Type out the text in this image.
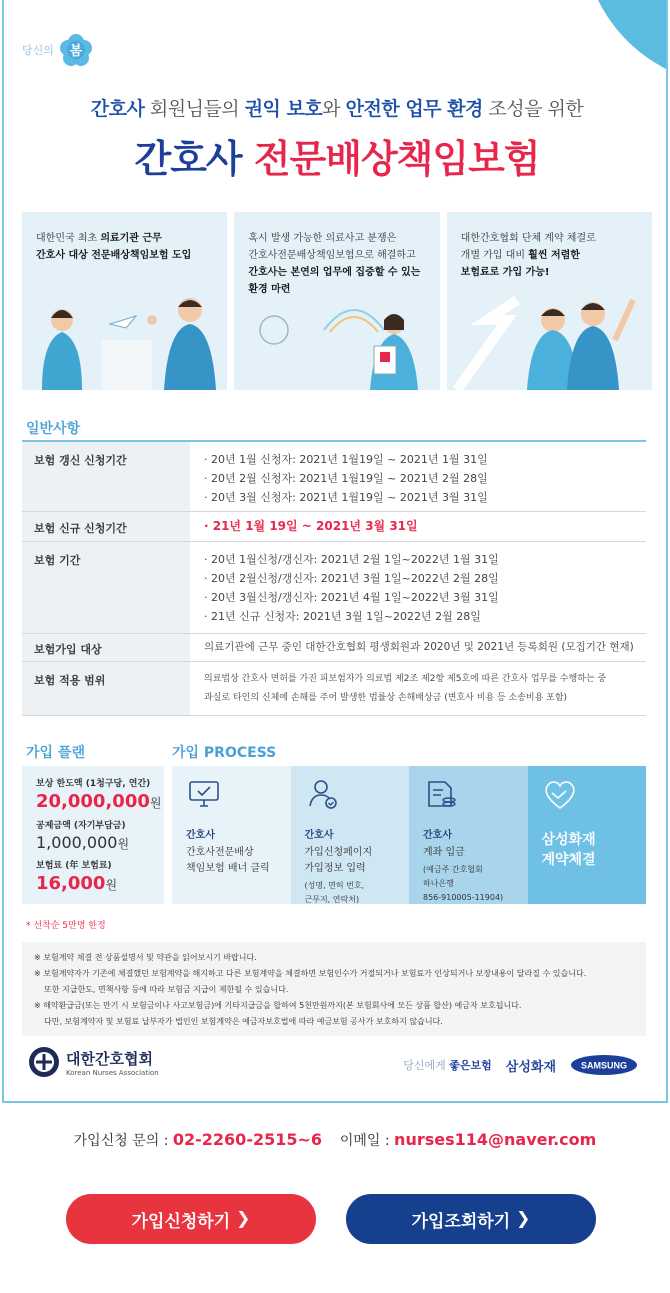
당신의	봄
간호사 회원님들의 권익 보호와 안전한 업무 환경 조성을 위한
간호사 전문배상책임보험
대한민국 최초 의료기관 근무
간호사 대상 전문배상책임보험 도입
혹시 발생 가능한 의료사고 분쟁은
간호사전문배상책임보험으로 해결하고
간호사는 본연의 업무에 집중할 수 있는
환경 마련
대한간호협회 단체 계약 체결로
개별 가입 대비 훨씬 저렴한
보험료로 가입 가능!
일반사항
보험 갱신 신청기간	· 20년 1월 신청자: 2021년 1월19일 ~ 2021년 1월 31일
· 20년 2월 신청자: 2021년 1월19일 ~ 2021년 2월 28일
· 20년 3월 신청자: 2021년 1월19일 ~ 2021년 3월 31일
보험 신규 신청기간	· 21년 1월 19일 ~ 2021년 3월 31일
보험 기간	· 20년 1월신청/갱신자: 2021년 2월 1일~2022년 1월 31일
· 20년 2월신청/갱신자: 2021년 3월 1일~2022년 2월 28일
· 20년 3월신청/갱신자: 2021년 4월 1일~2022년 3월 31일
· 21년 신규 신청자: 2021년 3월 1일~2022년 2월 28일
보험가입 대상	의료기관에 근무 중인 대한간호협회 평생회원과 2020년 및 2021년 등록회원 (모집기간 현재)
보험 적용 범위	의료법상 간호사 면허를 가진 피보험자가 의료법 제2조 제2항 제5호에 따른 간호사 업무를 수행하는 중
과실로 타인의 신체에 손해를 주어 발생한 법률상 손해배상금 (변호사 비용 등 소송비용 포함)
가입 플랜	가입 PROCESS
보상 한도액 (1청구당, 연간)
20,000,000원
공제금액 (자기부담금)
1,000,000원
보험료 (年 보험료)
16,000원
* 선착순 5만명 한정
간호사
간호사전문배상
책임보험 배너 클릭
간호사
가입신청페이지
가입정보 입력
(성명, 면허 번호,
근무지, 연락처)
간호사
계좌 입금
(예금주 간호협회
하나은행
856-910005-11904)
삼성화재
계약체결

※ 보험계약 체결 전 상품설명서 및 약관을 읽어보시기 바랍니다.

※ 보험계약자가 기존에 체결했던 보험계약을 해지하고 다른 보험계약을 체결하면 보험인수가 거절되거나 보험료가 인상되거나 보장내용이 달라질 수 있습니다.

또한 지급한도, 면책사항 등에 따라 보험금 지급이 제한될 수 있습니다.

※ 해약환급금(또는 만기 시 보험금이나 사고보험금)에 기타지급금을 합하여 5천만원까지(본 보험회사에 모든 상품 합산) 예금자 보호됩니다.

다만, 보험계약자 및 보험료 납부자가 법인인 보험계약은 예금자보호법에 따라 예금보험 공사가 보호하지 않습니다.

대한간호협회
Korean Nurses Association
당신에게 좋은보험 삼성화재	SAMSUNG
가입신청 문의 : 02-2260-2515~6 이메일 : nurses114@naver.com
가입신청하기 ❯	가입조회하기 ❯
